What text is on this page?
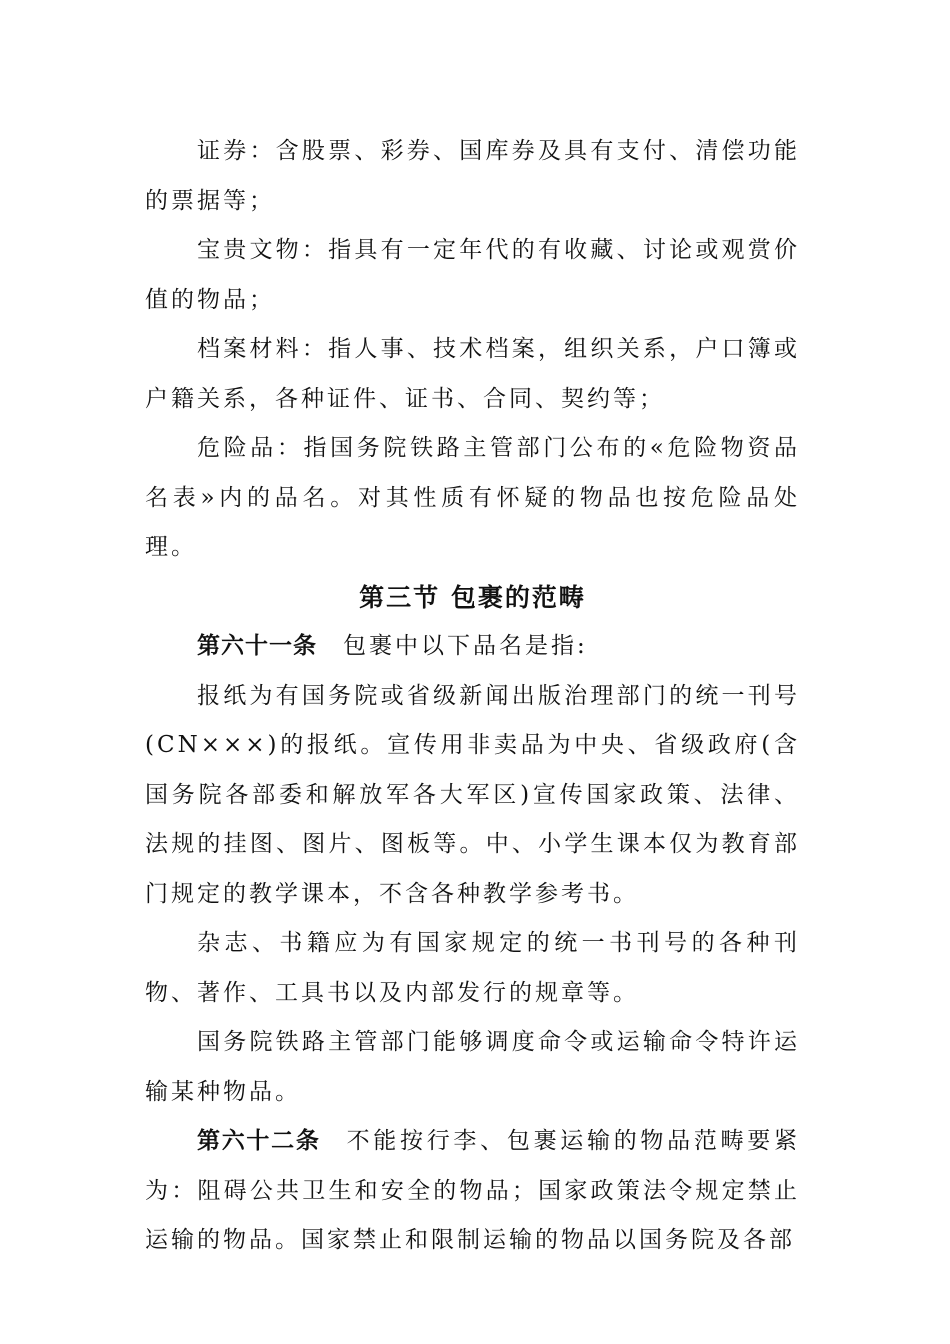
证券：含股票、彩券、国库券及具有支付、清偿功能的票据等；

宝贵文物：指具有一定年代的有收藏、讨论或观赏价值的物品；

档案材料：指人事、技术档案，组织关系，户口簿或户籍关系，各种证件、证书、合同、契约等；

危险品：指国务院铁路主管部门公布的«危险物资品名表»内的品名。对其性质有怀疑的物品也按危险品处理。

第三节 包裹的范畴

第六十一条 包裹中以下品名是指:

报纸为有国务院或省级新闻出版治理部门的统一刊号(CN×××)的报纸。宣传用非卖品为中央、省级政府(含国务院各部委和解放军各大军区)宣传国家政策、法律、法规的挂图、图片、图板等。中、小学生课本仅为教育部门规定的教学课本，不含各种教学参考书。

杂志、书籍应为有国家规定的统一书刊号的各种刊物、著作、工具书以及内部发行的规章等。

国务院铁路主管部门能够调度命令或运输命令特许运输某种物品。

第六十二条 不能按行李、包裹运输的物品范畴要紧为：阻碍公共卫生和安全的物品；国家政策法令规定禁止运输的物品。国家禁止和限制运输的物品以国务院及各部
